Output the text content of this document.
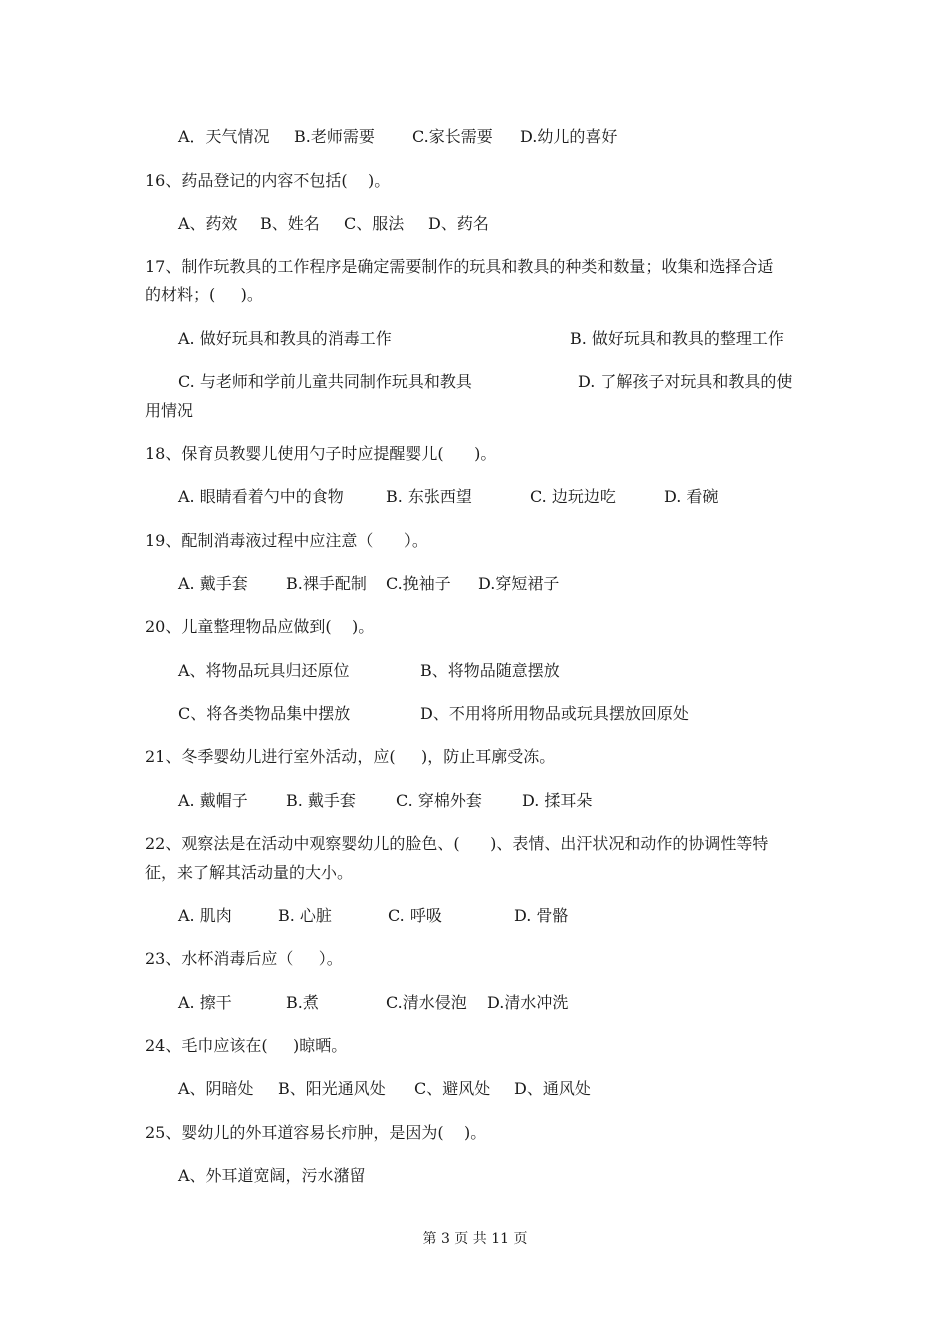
A．天气情况 B.老师需要 C.家长需要 D.幼儿的喜好
16、药品登记的内容不包括(    )。
A、药效 B、姓名 C、服法 D、药名
17、制作玩教具的工作程序是确定需要制作的玩具和教具的种类和数量；收集和选择合适
的材料；(     )。
A. 做好玩具和教具的消毒工作	B. 做好玩具和教具的整理工作
C. 与老师和学前儿童共同制作玩具和教具	D. 了解孩子对玩具和教具的使
用情况
18、保育员教婴儿使用勺子时应提醒婴儿(      )。
A. 眼睛看着勺中的食物	B. 东张西望	C. 边玩边吃	D. 看碗
19、配制消毒液过程中应注意（      ）。
A. 戴手套 B.裸手配制 C.挽袖子 D.穿短裙子
20、儿童整理物品应做到(    )。
A、将物品玩具归还原位	B、将物品随意摆放
C、将各类物品集中摆放	D、不用将所用物品或玩具摆放回原处
21、冬季婴幼儿进行室外活动，应(     )，防止耳廓受冻。
A. 戴帽子 B. 戴手套	C. 穿棉外套	D. 揉耳朵
22、观察法是在活动中观察婴幼儿的脸色、(      )、表情、出汗状况和动作的协调性等特
征，来了解其活动量的大小。
A. 肌肉	B. 心脏	C. 呼吸	D. 骨骼
23、水杯消毒后应（     ）。
A. 擦干	B.煮	C.清水侵泡 D.清水冲洗
24、毛巾应该在(     )晾晒。
A、阴暗处 B、阳光通风处 C、避风处 D、通风处
25、婴幼儿的外耳道容易长疖肿，是因为(    )。
A、外耳道宽阔，污水潴留
第 3 页 共 11 页
